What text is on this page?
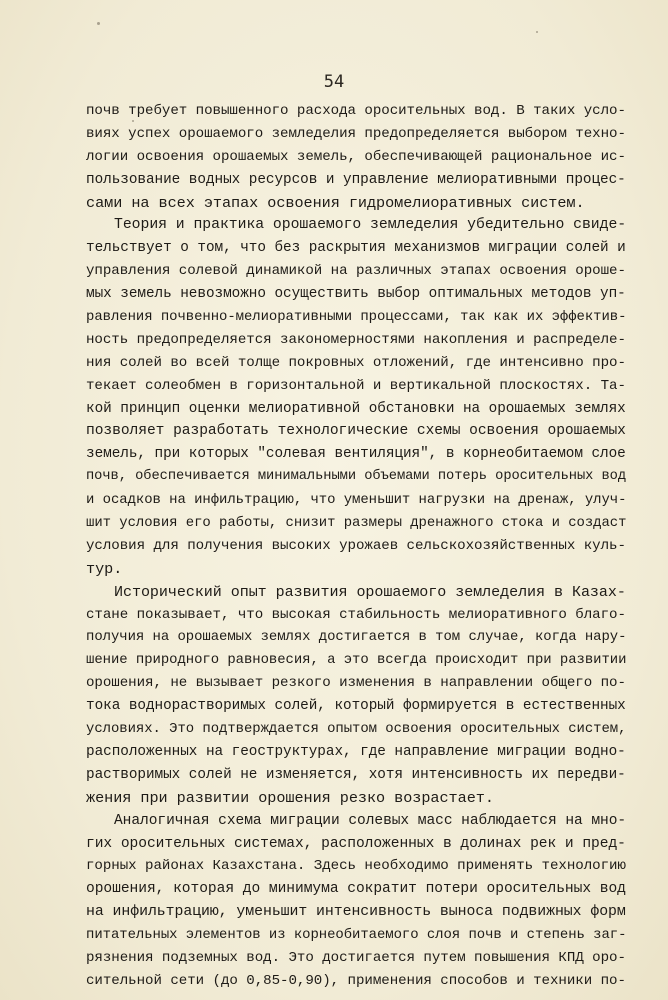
54
почв требует повышенного расхода оросительных вод. В таких усло-
виях успех орошаемого земледелия предопределяется выбором техно-
логии освоения орошаемых земель, обеспечивающей рациональное ис-
пользование водных ресурсов и управление мелиоративными процес-
сами на всех этапах освоения гидромелиоративных систем.
Теория и практика орошаемого земледелия убедительно свиде-
тельствует о том, что без раскрытия механизмов миграции солей и
управления солевой динамикой на различных этапах освоения ороше-
мых земель невозможно осуществить выбор оптимальных методов уп-
равления почвенно-мелиоративными процессами, так как их эффектив-
ность предопределяется закономерностями накопления и распределе-
ния солей во всей толще покровных отложений, где интенсивно про-
текает солеобмен в горизонтальной и вертикальной плоскостях. Та-
кой принцип оценки мелиоративной обстановки на орошаемых землях
позволяет разработать технологические схемы освоения орошаемых
земель, при которых "солевая вентиляция", в корнеобитаемом слое
почв, обеспечивается минимальными объемами потерь оросительных вод
и осадков на инфильтрацию, что уменьшит нагрузки на дренаж, улуч-
шит условия его работы, снизит размеры дренажного стока и создаст
условия для получения высоких урожаев сельскохозяйственных куль-
тур.
Исторический опыт развития орошаемого земледелия в Казах-
стане показывает, что высокая стабильность мелиоративного благо-
получия на орошаемых землях достигается в том случае, когда нару-
шение природного равновесия, а это всегда происходит при развитии
орошения, не вызывает резкого изменения в направлении общего по-
тока воднорастворимых солей, который формируется в естественных
условиях. Это подтверждается опытом освоения оросительных систем,
расположенных на геоструктурах, где направление миграции водно-
растворимых солей не изменяется, хотя интенсивность их передви-
жения при развитии орошения резко возрастает.
Аналогичная схема миграции солевых масс наблюдается на мно-
гих оросительных системах, расположенных в долинах рек и пред-
горных районах Казахстана. Здесь необходимо применять технологию
орошения, которая до минимума сократит потери оросительных вод
на инфильтрацию, уменьшит интенсивность выноса подвижных форм
питательных элементов из корнеобитаемого слоя почв и степень заг-
рязнения подземных вод. Это достигается путем повышения КПД оро-
сительной сети (до 0,85-0,90), применения способов и техники по-
